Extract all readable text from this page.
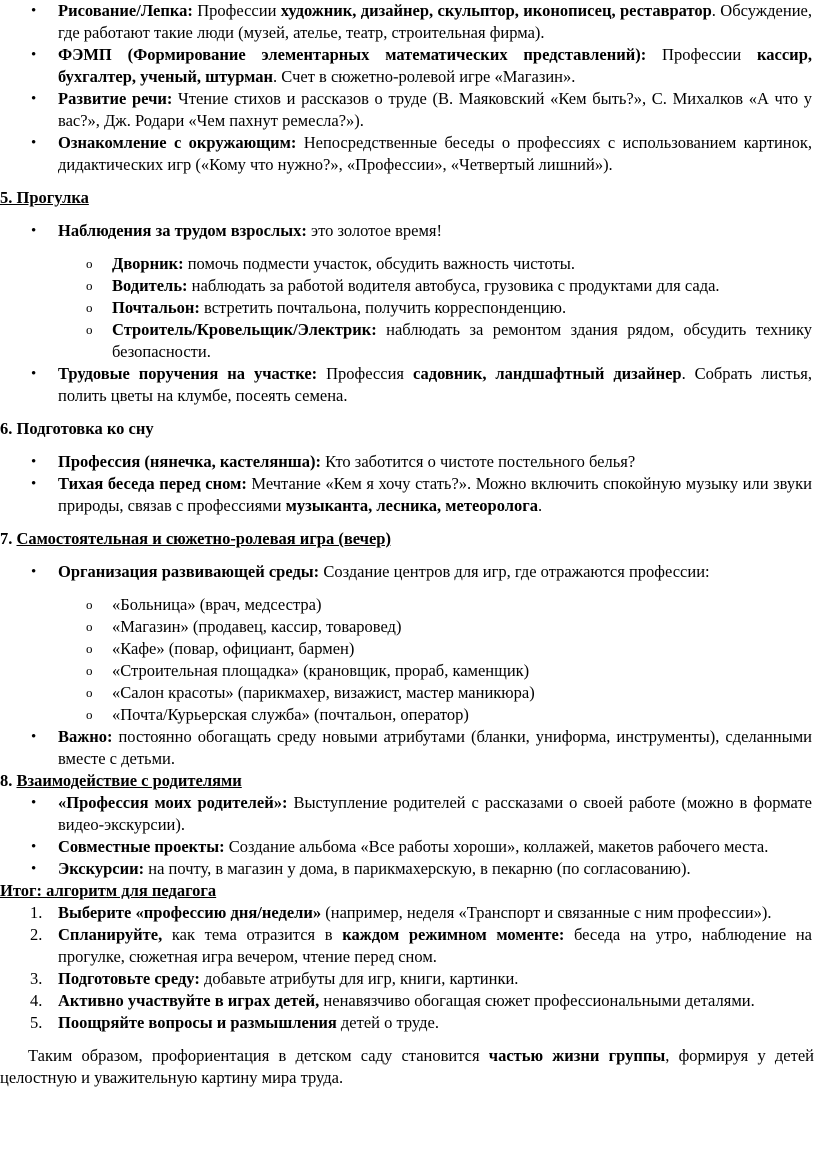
• Рисование/Лепка: Профессии художник, дизайнер, скульптор, иконописец, реставратор. Обсуждение, где работают такие люди (музей, ателье, театр, строительная фирма).
• ФЭМП (Формирование элементарных математических представлений): Профессии кассир, бухгалтер, ученый, штурман. Счет в сюжетно-ролевой игре «Магазин».
• Развитие речи: Чтение стихов и рассказов о труде (В. Маяковский «Кем быть?», С. Михалков «А что у вас?», Дж. Родари «Чем пахнут ремесла?»).
• Ознакомление с окружающим: Непосредственные беседы о профессиях с использованием картинок, дидактических игр («Кому что нужно?», «Профессии», «Четвертый лишний»).

5. Прогулка

• Наблюдения за трудом взрослых: это золотое время!
o Дворник: помочь подмести участок, обсудить важность чистоты.
o Водитель: наблюдать за работой водителя автобуса, грузовика с продуктами для сада.
o Почтальон: встретить почтальона, получить корреспонденцию.
o Строитель/Кровельщик/Электрик: наблюдать за ремонтом здания рядом, обсудить технику безопасности.
• Трудовые поручения на участке: Профессия садовник, ландшафтный дизайнер. Собрать листья, полить цветы на клумбе, посеять семена.

6. Подготовка ко сну

• Профессия (нянечка, кастелянша): Кто заботится о чистоте постельного белья?
• Тихая беседа перед сном: Мечтание «Кем я хочу стать?». Можно включить спокойную музыку или звуки природы, связав с профессиями музыканта, лесника, метеоролога.

7. Самостоятельная и сюжетно-ролевая игра (вечер)

• Организация развивающей среды: Создание центров для игр, где отражаются профессии:
o «Больница» (врач, медсестра)
o «Магазин» (продавец, кассир, товаровед)
o «Кафе» (повар, официант, бармен)
o «Строительная площадка» (крановщик, прораб, каменщик)
o «Салон красоты» (парикмахер, визажист, мастер маникюра)
o «Почта/Курьерская служба» (почтальон, оператор)
• Важно: постоянно обогащать среду новыми атрибутами (бланки, униформа, инструменты), сделанными вместе с детьми.

8. Взаимодействие с родителями

• «Профессия моих родителей»: Выступление родителей с рассказами о своей работе (можно в формате видео-экскурсии).
• Совместные проекты: Создание альбома «Все работы хороши», коллажей, макетов рабочего места.
• Экскурсии: на почту, в магазин у дома, в парикмахерскую, в пекарню (по согласованию).

Итог: алгоритм для педагога

1. Выберите «профессию дня/недели» (например, неделя «Транспорт и связанные с ним профессии»).
2. Спланируйте, как тема отразится в каждом режимном моменте: беседа на утро, наблюдение на прогулке, сюжетная игра вечером, чтение перед сном.
3. Подготовьте среду: добавьте атрибуты для игр, книги, картинки.
4. Активно участвуйте в играх детей, ненавязчиво обогащая сюжет профессиональными деталями.
5. Поощряйте вопросы и размышления детей о труде.

Таким образом, профориентация в детском саду становится частью жизни группы, формируя у детей целостную и уважительную картину мира труда.
